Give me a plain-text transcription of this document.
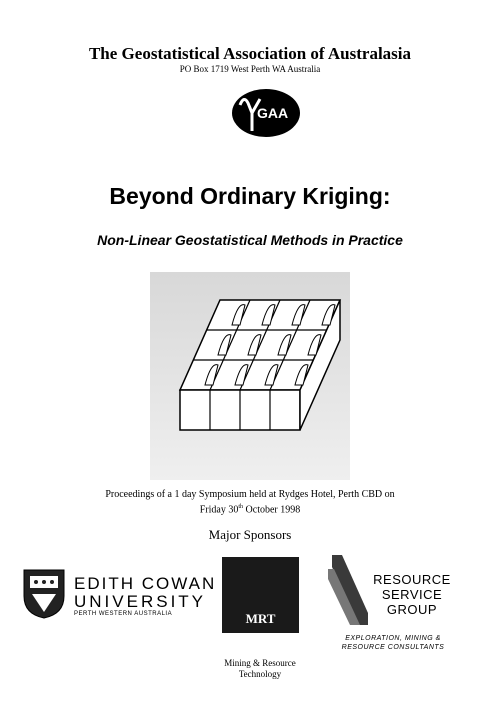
The Geostatistical Association of Australasia
PO Box 1719 West Perth WA Australia
GAA
Beyond Ordinary Kriging:
Non-Linear Geostatistical Methods in Practice
Proceedings of a 1 day Symposium held at Rydges Hotel, Perth CBD on
Friday 30th October 1998
Major Sponsors
EDITH COWAN
UNIVERSITY
PERTH WESTERN AUSTRALIA	MRT
Mining & Resource
Technology
RESOURCE
SERVICE
GROUP
EXPLORATION, MINING &
RESOURCE CONSULTANTS
